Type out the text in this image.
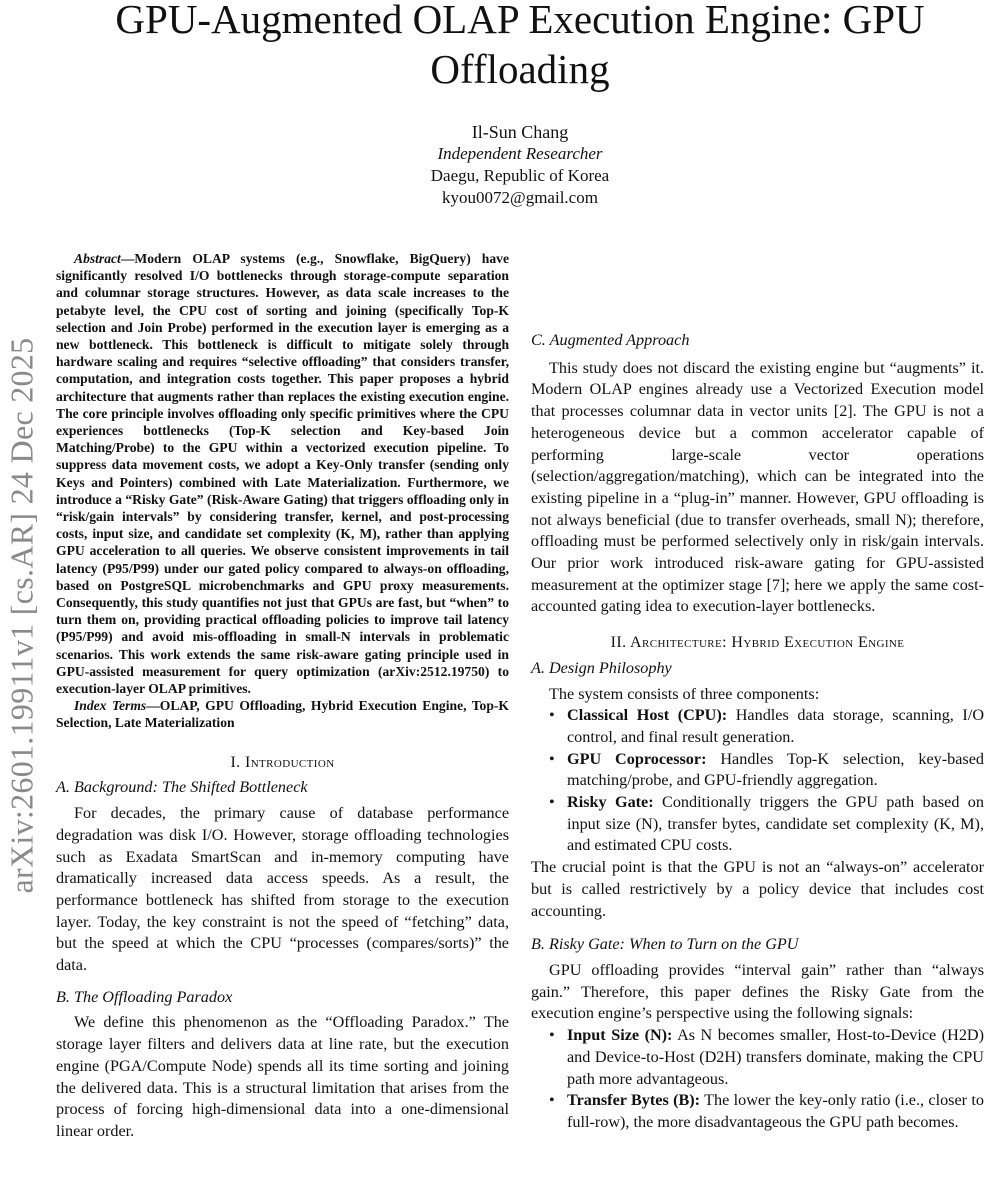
arXiv:2601.19911v1 [cs.AR] 24 Dec 2025
GPU-Augmented OLAP Execution Engine: GPU Offloading
Il-Sun Chang
Independent Researcher
Daegu, Republic of Korea
kyou0072@gmail.com

Abstract—Modern OLAP systems (e.g., Snowflake, BigQuery) have significantly resolved I/O bottlenecks through storage-compute separation and columnar storage structures. However, as data scale increases to the petabyte level, the CPU cost of sorting and joining (specifically Top-K selection and Join Probe) performed in the execution layer is emerging as a new bottleneck. This bottleneck is difficult to mitigate solely through hardware scaling and requires “selective offloading” that considers transfer, computation, and integration costs together. This paper proposes a hybrid architecture that augments rather than replaces the existing execution engine. The core principle involves offloading only specific primitives where the CPU experiences bottlenecks (Top-K selection and Key-based Join Matching/Probe) to the GPU within a vectorized execution pipeline. To suppress data movement costs, we adopt a Key-Only transfer (sending only Keys and Pointers) combined with Late Materialization. Furthermore, we introduce a “Risky Gate” (Risk-Aware Gating) that triggers offloading only in “risk/gain intervals” by considering transfer, kernel, and post-processing costs, input size, and candidate set complexity (K, M), rather than applying GPU acceleration to all queries. We observe consistent improvements in tail latency (P95/P99) under our gated policy compared to always-on offloading, based on PostgreSQL microbenchmarks and GPU proxy measurements. Consequently, this study quantifies not just that GPUs are fast, but “when” to turn them on, providing practical offloading policies to improve tail latency (P95/P99) and avoid mis-offloading in small-N intervals in problematic scenarios. This work extends the same risk-aware gating principle used in GPU-assisted measurement for query optimization (arXiv:2512.19750) to execution-layer OLAP primitives.

Index Terms—OLAP, GPU Offloading, Hybrid Execution Engine, Top-K Selection, Late Materialization

I. Introduction

A. Background: The Shifted Bottleneck

For decades, the primary cause of database performance degradation was disk I/O. However, storage offloading technologies such as Exadata SmartScan and in-memory computing have dramatically increased data access speeds. As a result, the performance bottleneck has shifted from storage to the execution layer. Today, the key constraint is not the speed of “fetching” data, but the speed at which the CPU “processes (compares/sorts)” the data.

B. The Offloading Paradox

We define this phenomenon as the “Offloading Paradox.” The storage layer filters and delivers data at line rate, but the execution engine (PGA/Compute Node) spends all its time sorting and joining the delivered data. This is a structural limitation that arises from the process of forcing high-dimensional data into a one-dimensional linear order.

C. Augmented Approach

This study does not discard the existing engine but “augments” it. Modern OLAP engines already use a Vectorized Execution model that processes columnar data in vector units [2]. The GPU is not a heterogeneous device but a common accelerator capable of performing large-scale vector operations (selection/aggregation/matching), which can be integrated into the existing pipeline in a “plug-in” manner. However, GPU offloading is not always beneficial (due to transfer overheads, small N); therefore, offloading must be performed selectively only in risk/gain intervals. Our prior work introduced risk-aware gating for GPU-assisted measurement at the optimizer stage [7]; here we apply the same cost-accounted gating idea to execution-layer bottlenecks.

II. Architecture: Hybrid Execution Engine

A. Design Philosophy

The system consists of three components:

• Classical Host (CPU): Handles data storage, scanning, I/O control, and final result generation.
• GPU Coprocessor: Handles Top-K selection, key-based matching/probe, and GPU-friendly aggregation.
• Risky Gate: Conditionally triggers the GPU path based on input size (N), transfer bytes, candidate set complexity (K, M), and estimated CPU costs.

The crucial point is that the GPU is not an “always-on” accelerator but is called restrictively by a policy device that includes cost accounting.

B. Risky Gate: When to Turn on the GPU

GPU offloading provides “interval gain” rather than “always gain.” Therefore, this paper defines the Risky Gate from the execution engine’s perspective using the following signals:

• Input Size (N): As N becomes smaller, Host-to-Device (H2D) and Device-to-Host (D2H) transfers dominate, making the CPU path more advantageous.
• Transfer Bytes (B): The lower the key-only ratio (i.e., closer to full-row), the more disadvantageous the GPU path becomes.
